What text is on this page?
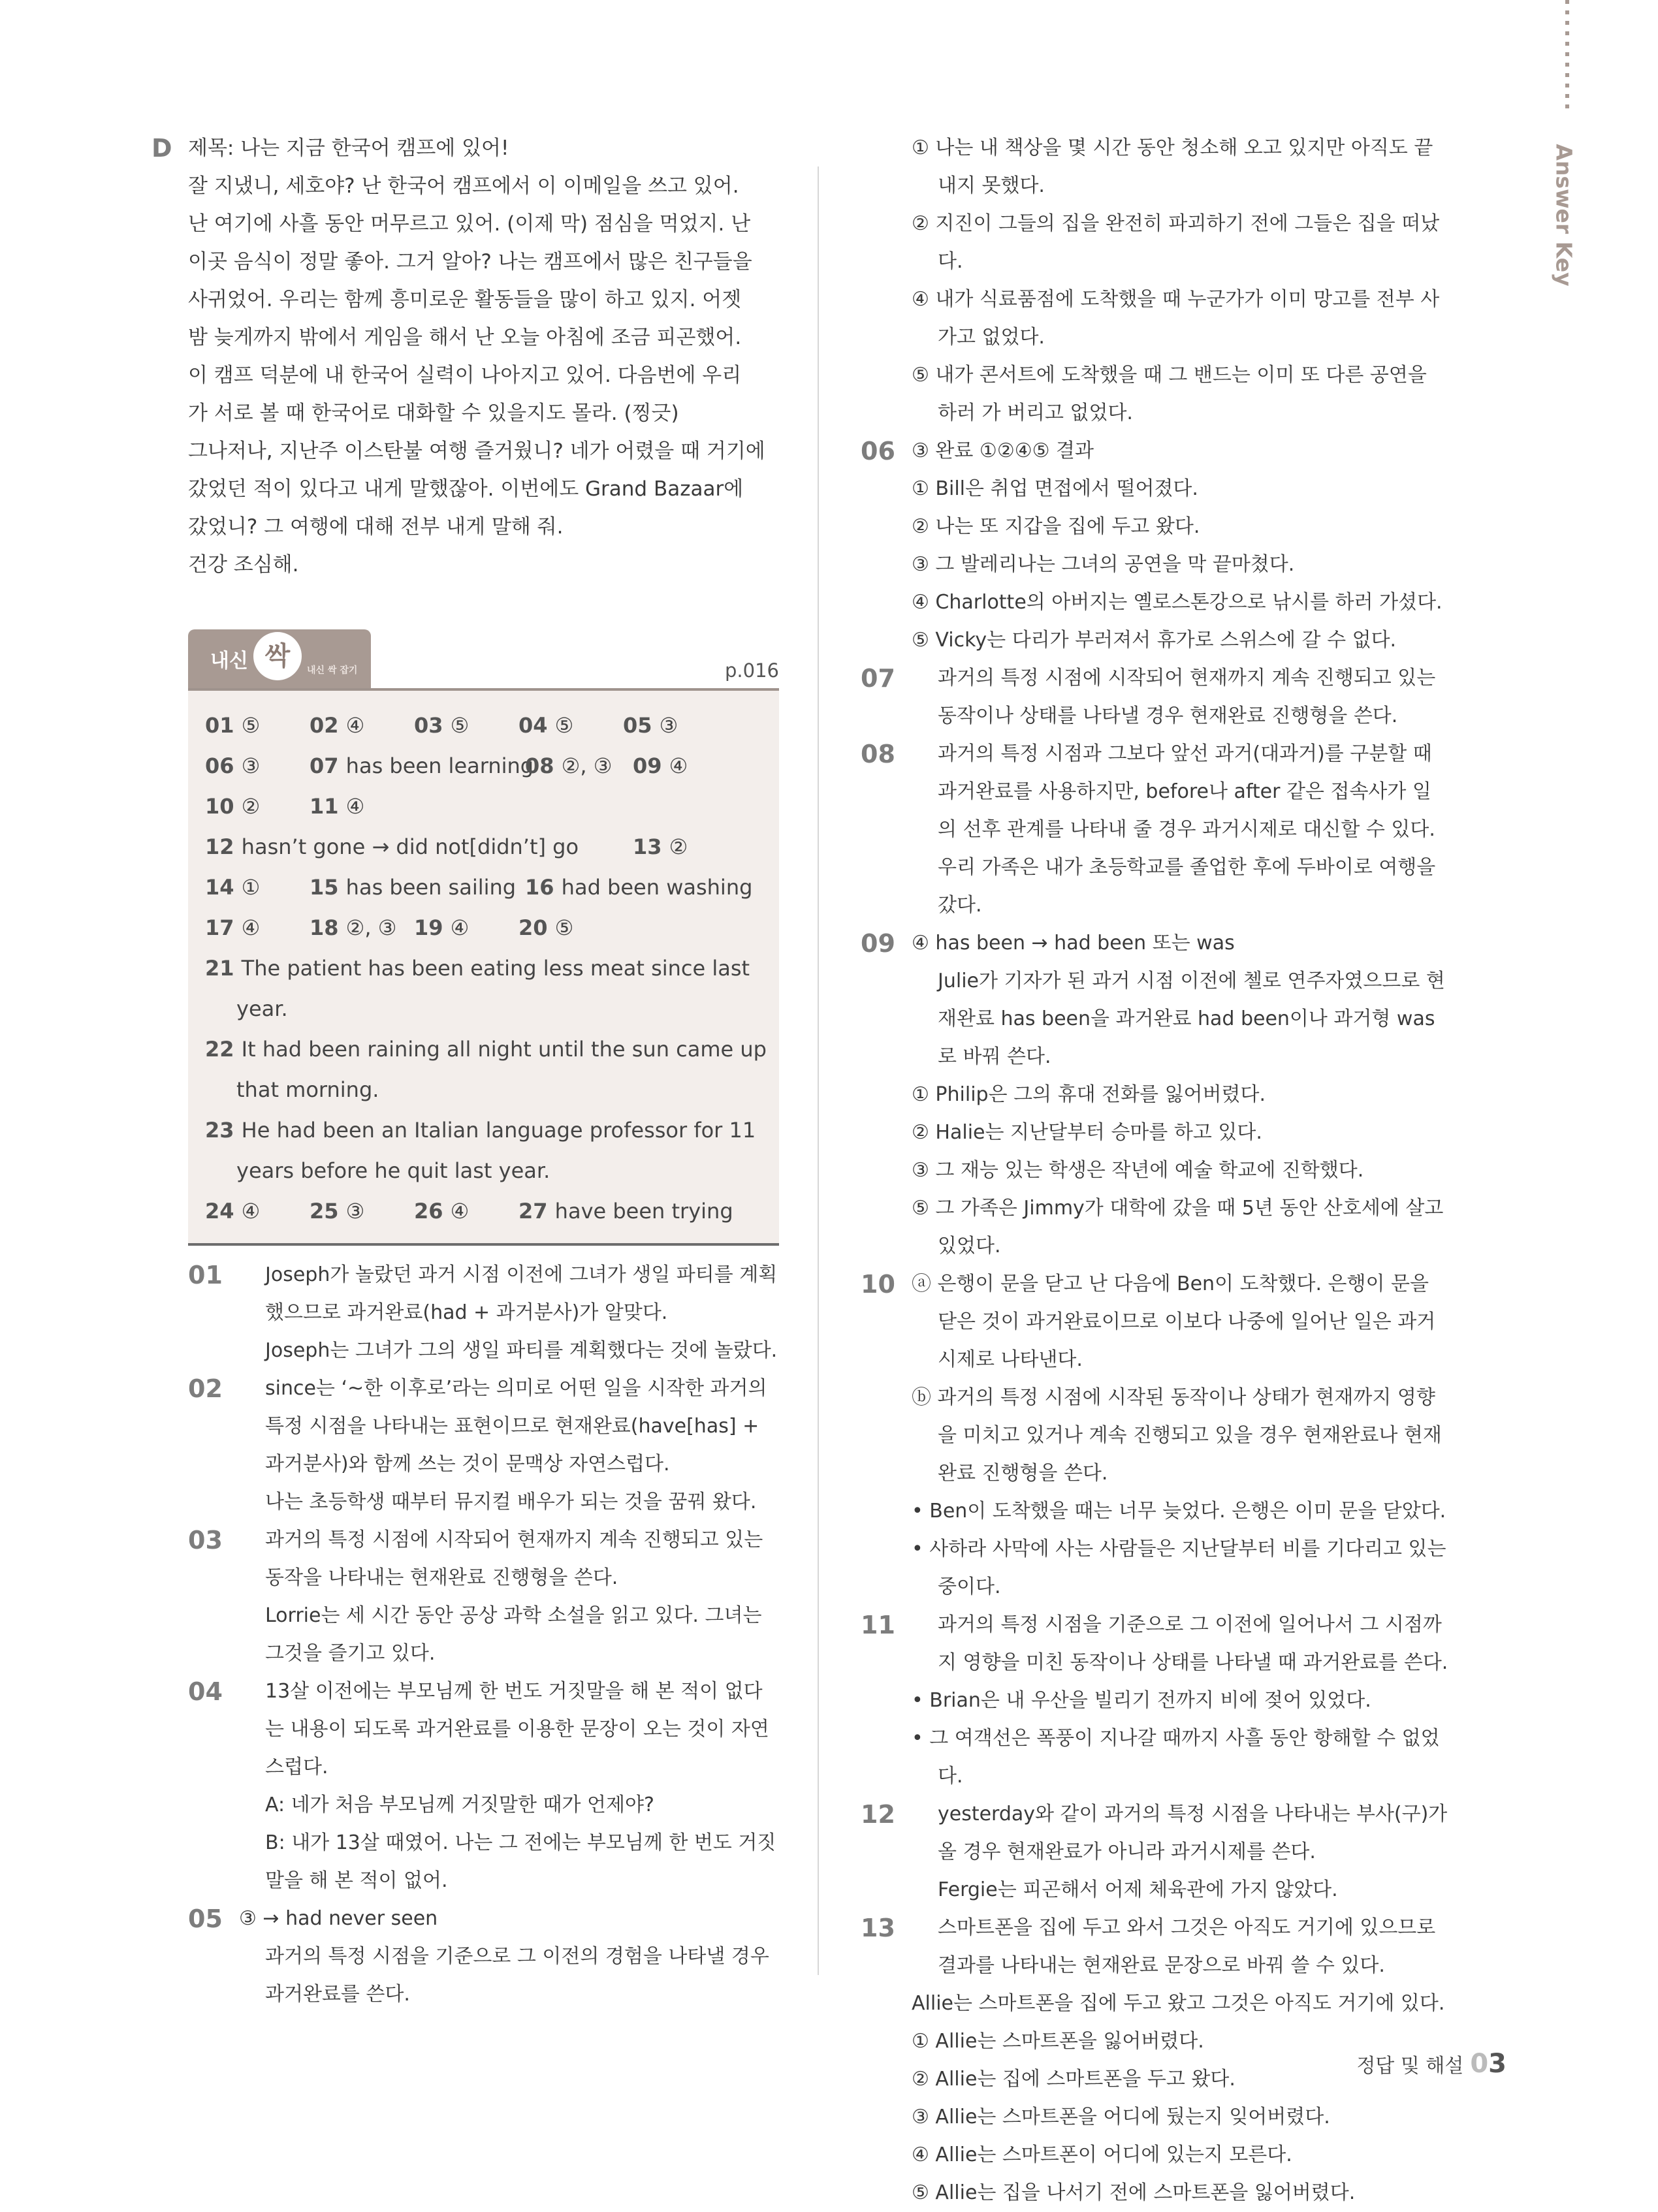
Answer Key
D 제목: 나는 지금 한국어 캠프에 있어!
잘 지냈니, 세호야? 난 한국어 캠프에서 이 이메일을 쓰고 있어.
난 여기에 사흘 동안 머무르고 있어. (이제 막) 점심을 먹었지. 난
이곳 음식이 정말 좋아. 그거 알아? 나는 캠프에서 많은 친구들을
사귀었어. 우리는 함께 흥미로운 활동들을 많이 하고 있지. 어젯
밤 늦게까지 밖에서 게임을 해서 난 오늘 아침에 조금 피곤했어.
이 캠프 덕분에 내 한국어 실력이 나아지고 있어. 다음번에 우리
가 서로 볼 때 한국어로 대화할 수 있을지도 몰라. (찡긋)
그나저나, 지난주 이스탄불 여행 즐거웠니? 네가 어렸을 때 거기에
갔었던 적이 있다고 내게 말했잖아. 이번에도 Grand Bazaar에
갔었니? 그 여행에 대해 전부 내게 말해 줘.
건강 조심해.
내신 싹	내신 싹 잡기	p.016
01 ⑤ 02 ④ 03 ⑤ 04 ⑤ 05 ③
06 ③ 07 has been learning
08 ②, ③ 09 ④
10 ② 11 ④
12 hasn’t gone → did not[didn’t] go	13 ②
14 ① 15 has been sailing 16 had been washing
17 ④ 18 ②, ③ 19 ④ 20 ⑤
21 The patient has been eating less meat since last year.
22 It had been raining all night until the sun came up that morning.
23 He had been an Italian language professor for 11 years before he quit last year.
24 ④ 25 ③ 26 ④ 27 have been trying
01	Joseph가 놀랐던 과거 시점 이전에 그녀가 생일 파티를 계획했으므로 과거완료(had + 과거분사)가 알맞다.
Joseph는 그녀가 그의 생일 파티를 계획했다는 것에 놀랐다.
02	since는 ‘~한 이후로’라는 의미로 어떤 일을 시작한 과거의 특정 시점을 나타내는 표현이므로 현재완료(have[has] + 과거분사)와 함께 쓰는 것이 문맥상 자연스럽다.
나는 초등학생 때부터 뮤지컬 배우가 되는 것을 꿈꿔 왔다.
03	과거의 특정 시점에 시작되어 현재까지 계속 진행되고 있는 동작을 나타내는 현재완료 진행형을 쓴다.
Lorrie는 세 시간 동안 공상 과학 소설을 읽고 있다. 그녀는 그것을 즐기고 있다.
04	13살 이전에는 부모님께 한 번도 거짓말을 해 본 적이 없다는 내용이 되도록 과거완료를 이용한 문장이 오는 것이 자연스럽다.
A: 네가 처음 부모님께 거짓말한 때가 언제야?
B: 내가 13살 때였어. 나는 그 전에는 부모님께 한 번도 거짓말을 해 본 적이 없어.
05 ③ → had never seen
과거의 특정 시점을 기준으로 그 이전의 경험을 나타낼 경우 과거완료를 쓴다.
① 나는 내 책상을 몇 시간 동안 청소해 오고 있지만 아직도 끝내지 못했다.
② 지진이 그들의 집을 완전히 파괴하기 전에 그들은 집을 떠났다.
④ 내가 식료품점에 도착했을 때 누군가가 이미 망고를 전부 사 가고 없었다.
⑤ 내가 콘서트에 도착했을 때 그 밴드는 이미 또 다른 공연을 하러 가 버리고 없었다.
06 ③ 완료 ①②④⑤ 결과
① Bill은 취업 면접에서 떨어졌다.
② 나는 또 지갑을 집에 두고 왔다.
③ 그 발레리나는 그녀의 공연을 막 끝마쳤다.
④ Charlotte의 아버지는 옐로스톤강으로 낚시를 하러 가셨다.
⑤ Vicky는 다리가 부러져서 휴가로 스위스에 갈 수 없다.
07	과거의 특정 시점에 시작되어 현재까지 계속 진행되고 있는 동작이나 상태를 나타낼 경우 현재완료 진행형을 쓴다.
08	과거의 특정 시점과 그보다 앞선 과거(대과거)를 구분할 때 과거완료를 사용하지만, before나 after 같은 접속사가 일의 선후 관계를 나타내 줄 경우 과거시제로 대신할 수 있다.
우리 가족은 내가 초등학교를 졸업한 후에 두바이로 여행을 갔다.
09 ④ has been → had been 또는 was
Julie가 기자가 된 과거 시점 이전에 첼로 연주자였으므로 현재완료 has been을 과거완료 had been이나 과거형 was로 바꿔 쓴다.
① Philip은 그의 휴대 전화를 잃어버렸다.
② Halie는 지난달부터 승마를 하고 있다.
③ 그 재능 있는 학생은 작년에 예술 학교에 진학했다.
⑤ 그 가족은 Jimmy가 대학에 갔을 때 5년 동안 산호세에 살고 있었다.
10 ⓐ 은행이 문을 닫고 난 다음에 Ben이 도착했다. 은행이 문을 닫은 것이 과거완료이므로 이보다 나중에 일어난 일은 과거시제로 나타낸다.
ⓑ 과거의 특정 시점에 시작된 동작이나 상태가 현재까지 영향을 미치고 있거나 계속 진행되고 있을 경우 현재완료나 현재완료 진행형을 쓴다.
• Ben이 도착했을 때는 너무 늦었다. 은행은 이미 문을 닫았다.
• 사하라 사막에 사는 사람들은 지난달부터 비를 기다리고 있는 중이다.
11	과거의 특정 시점을 기준으로 그 이전에 일어나서 그 시점까지 영향을 미친 동작이나 상태를 나타낼 때 과거완료를 쓴다.
• Brian은 내 우산을 빌리기 전까지 비에 젖어 있었다.
• 그 여객선은 폭풍이 지나갈 때까지 사흘 동안 항해할 수 없었다.
12	yesterday와 같이 과거의 특정 시점을 나타내는 부사(구)가 올 경우 현재완료가 아니라 과거시제를 쓴다.
Fergie는 피곤해서 어제 체육관에 가지 않았다.
13	스마트폰을 집에 두고 와서 그것은 아직도 거기에 있으므로 결과를 나타내는 현재완료 문장으로 바꿔 쓸 수 있다.
Allie는 스마트폰을 집에 두고 왔고 그것은 아직도 거기에 있다.
① Allie는 스마트폰을 잃어버렸다.
② Allie는 집에 스마트폰을 두고 왔다.
③ Allie는 스마트폰을 어디에 뒀는지 잊어버렸다.
④ Allie는 스마트폰이 어디에 있는지 모른다.
⑤ Allie는 집을 나서기 전에 스마트폰을 잃어버렸다.
정답 및 해설 03
